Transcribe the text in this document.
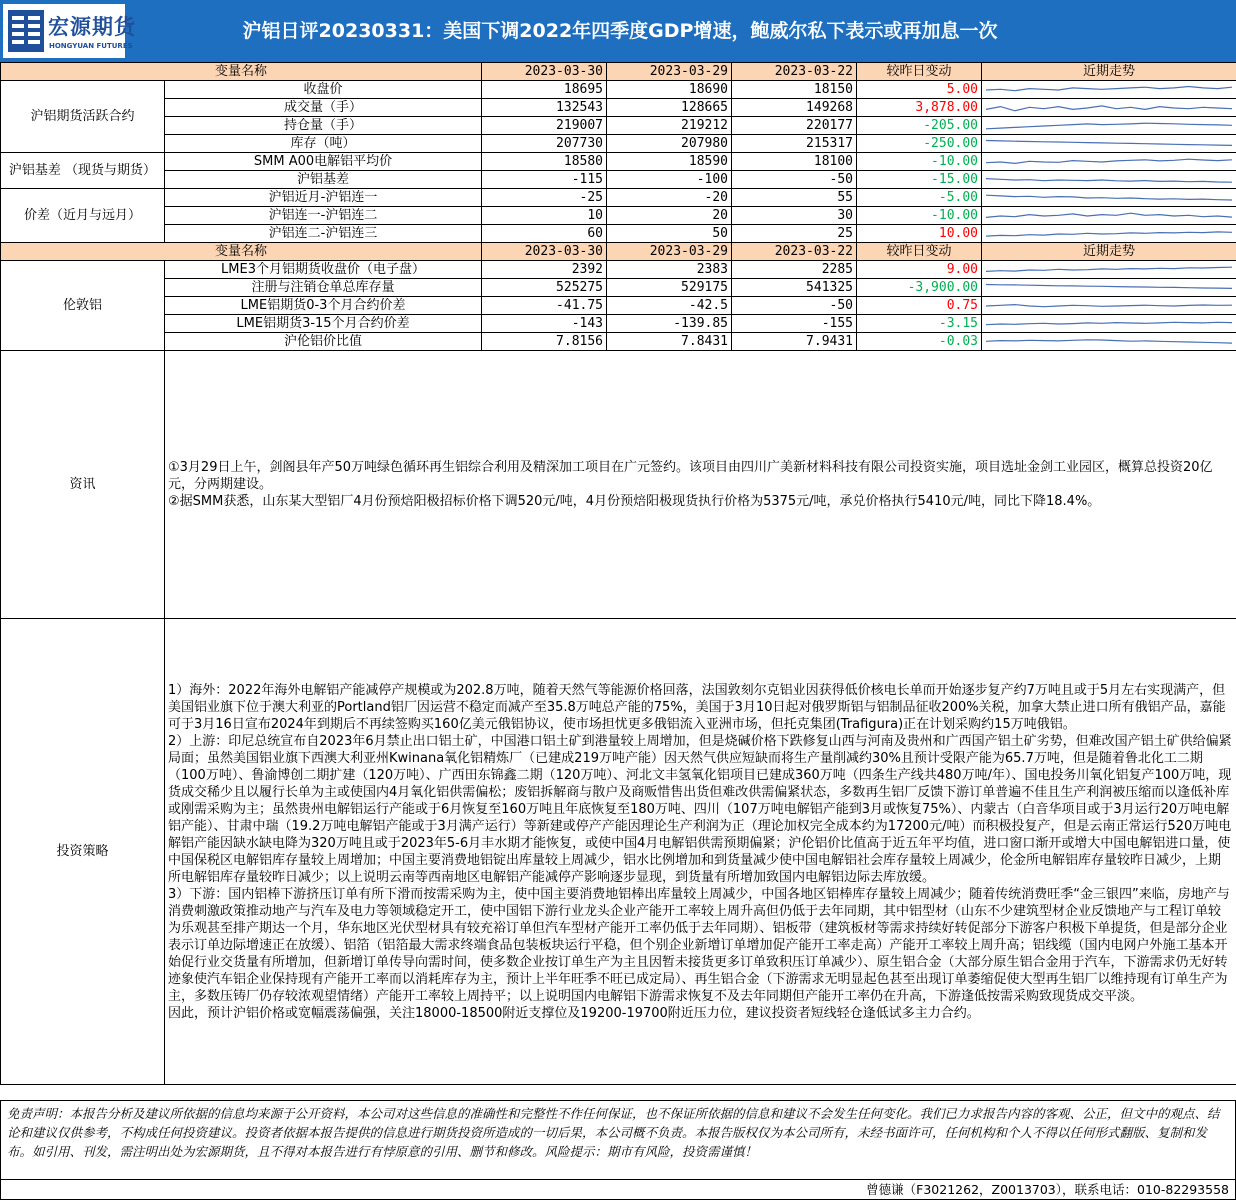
宏源期货
HONGYUAN FUTURES
沪铝日评20230331：美国下调2022年四季度GDP增速，鲍威尔私下表示或再加息一次
变量名称		2023-03-30	2023-03-29	2023-03-22	较昨日变动	近期走势
沪铝期货活跃合约	收盘价	18695	18690	18150	5.00	

	成交量（手）	132543	128665	149268	3,878.00	

	持仓量（手）	219007	219212	220177	-205.00	

	库存（吨）	207730	207980	215317	-250.00	

沪铝基差 （现货与期货）	SMM A00电解铝平均价	18580	18590	18100	-10.00	

	沪铝基差	-115	-100	-50	-15.00	

价差（近月与远月）	沪铝近月-沪铝连一	-25	-20	55	-5.00	

	沪铝连一-沪铝连二	10	20	30	-10.00	

	沪铝连二-沪铝连三	60	50	25	10.00	

变量名称		2023-03-30	2023-03-29	2023-03-22	较昨日变动	近期走势
伦敦铝	LME3个月铝期货收盘价（电子盘）	2392	2383	2285	9.00	

	注册与注销仓单总库存量	525275	529175	541325	-3,900.00	

	LME铝期货0-3个月合约价差	-41.75	-42.5	-50	0.75	

	LME铝期货3-15个月合约价差	-143	-139.85	-155	-3.15	

	沪伦铝价比值	7.8156	7.8431	7.9431	-0.03	

资讯	①3月29日上午，剑阁县年产50万吨绿色循环再生铝综合利用及精深加工项目在广元签约。该项目由四川广美新材料科技有限公司投资实施，项目选址金剑工业园区，概算总投资20亿元，分两期建设。

②据SMM获悉，山东某大型铝厂4月份预焙阳极招标价格下调520元/吨，4月份预焙阳极现货执行价格为5375元/吨，承兑价格执行5410元/吨，同比下降18.4%。					

投资策略	1）海外：2022年海外电解铝产能减停产规模或为202.8万吨，随着天然气等能源价格回落，法国敦刻尔克铝业因获得低价核电长单而开始逐步复产约7万吨且或于5月左右实现满产，但美国铝业旗下位于澳大利亚的Portland铝厂因运营不稳定而减产至35.8万吨总产能的75%，美国于3月10日起对俄罗斯铝与铝制品征收200%关税，加拿大禁止进口所有俄铝产品，嘉能可于3月16日宣布2024年到期后不再续签购买160亿美元俄铝协议，使市场担忧更多俄铝流入亚洲市场，但托克集团(Trafigura)正在计划采购约15万吨俄铝。

2）上游：印尼总统宣布自2023年6月禁止出口铝土矿，中国港口铝土矿到港量较上周增加，但是烧碱价格下跌修复山西与河南及贵州和广西国产铝土矿劣势，但难改国产铝土矿供给偏紧局面；虽然美国铝业旗下西澳大利亚州Kwinana氧化铝精炼厂（已建成219万吨产能）因天然气供应短缺而将生产量削减约30%且预计受限产能为65.7万吨，但是随着鲁北化工二期（100万吨）、鲁渝博创二期扩建（120万吨）、广西田东锦鑫二期（120万吨）、河北文丰氢氧化铝项目已建成360万吨（四条生产线共480万吨/年）、国电投务川氧化铝复产100万吨，现货成交稀少且以履行长单为主或使国内4月氧化铝供需偏松；废铝拆解商与散户及商贩惜售出货但难改供需偏紧状态，多数再生铝厂反馈下游订单普遍不佳且生产利润被压缩而以逢低补库或刚需采购为主；虽然贵州电解铝运行产能或于6月恢复至160万吨且年底恢复至180万吨、四川（107万吨电解铝产能到3月或恢复75%）、内蒙古（白音华项目或于3月运行20万吨电解铝产能）、甘肃中瑞（19.2万吨电解铝产能或于3月满产运行）等新建或停产产能因理论生产利润为正（理论加权完全成本约为17200元/吨）而积极投复产，但是云南正常运行520万吨电解铝产能因缺水缺电降为320万吨且或于2023年5-6月丰水期才能恢复，或使中国4月电解铝供需预期偏紧；沪伦铝价比值高于近五年平均值，进口窗口渐开或增大中国电解铝进口量，使中国保税区电解铝库存量较上周增加；中国主要消费地铝锭出库量较上周减少，铝水比例增加和到货量减少使中国电解铝社会库存量较上周减少，伦金所电解铝库存量较昨日减少，上期所电解铝库存量较昨日减少；以上说明云南等西南地区电解铝产能减停产影响逐步显现，到货量有所增加致国内电解铝边际去库放缓。

3）下游：国内铝棒下游挤压订单有所下滑而按需采购为主，使中国主要消费地铝棒出库量较上周减少，中国各地区铝棒库存量较上周减少；随着传统消费旺季“金三银四”来临，房地产与消费刺激政策推动地产与汽车及电力等领域稳定开工，使中国铝下游行业龙头企业产能开工率较上周升高但仍低于去年同期，其中铝型材（山东不少建筑型材企业反馈地产与工程订单较为乐观甚至排产期达一个月，华东地区光伏型材具有较充裕订单但汽车型材产能开工率仍低于去年同期）、铝板带（建筑板材等需求持续好转促部分下游客户积极下单提货，但是部分企业表示订单边际增速正在放缓）、铝箔（铝箔最大需求终端食品包装板块运行平稳，但个别企业新增订单增加促产能开工率走高）产能开工率较上周升高；铝线缆（国内电网户外施工基本开始促行业交货量有所增加，但新增订单传导向需时间，使多数企业按订单生产为主且因暂未接货更多订单致积压订单减少）、原生铝合金（大部分原生铝合金用于汽车，下游需求仍无好转迹象使汽车铝企业保持现有产能开工率而以消耗库存为主，预计上半年旺季不旺已成定局）、再生铝合金（下游需求无明显起色甚至出现订单萎缩促使大型再生铝厂以维持现有订单生产为主，多数压铸厂仍存较浓观望情绪）产能开工率较上周持平；以上说明国内电解铝下游需求恢复不及去年同期但产能开工率仍在升高，下游逢低按需采购致现货成交平淡。

因此，预计沪铝价格或宽幅震荡偏强，关注18000-18500附近支撑位及19200-19700附近压力位，建议投资者短线轻仓逢低试多主力合约。					

免责声明：本报告分析及建议所依据的信息均来源于公开资料，本公司对这些信息的准确性和完整性不作任何保证，也不保证所依据的信息和建议不会发生任何变化。我们已力求报告内容的客观、公正，但文中的观点、结论和建议仅供参考，不构成任何投资建议。投资者依据本报告提供的信息进行期货投资所造成的一切后果，本公司概不负责。本报告版权仅为本公司所有，未经书面许可，任何机构和个人不得以任何形式翻版、复制和发布。如引用、刊发，需注明出处为宏源期货，且不得对本报告进行有悖原意的引用、删节和修改。风险提示：期市有风险，投资需谨慎！
曾德谦（F3021262，Z0013703），联系电话：010-82293558
